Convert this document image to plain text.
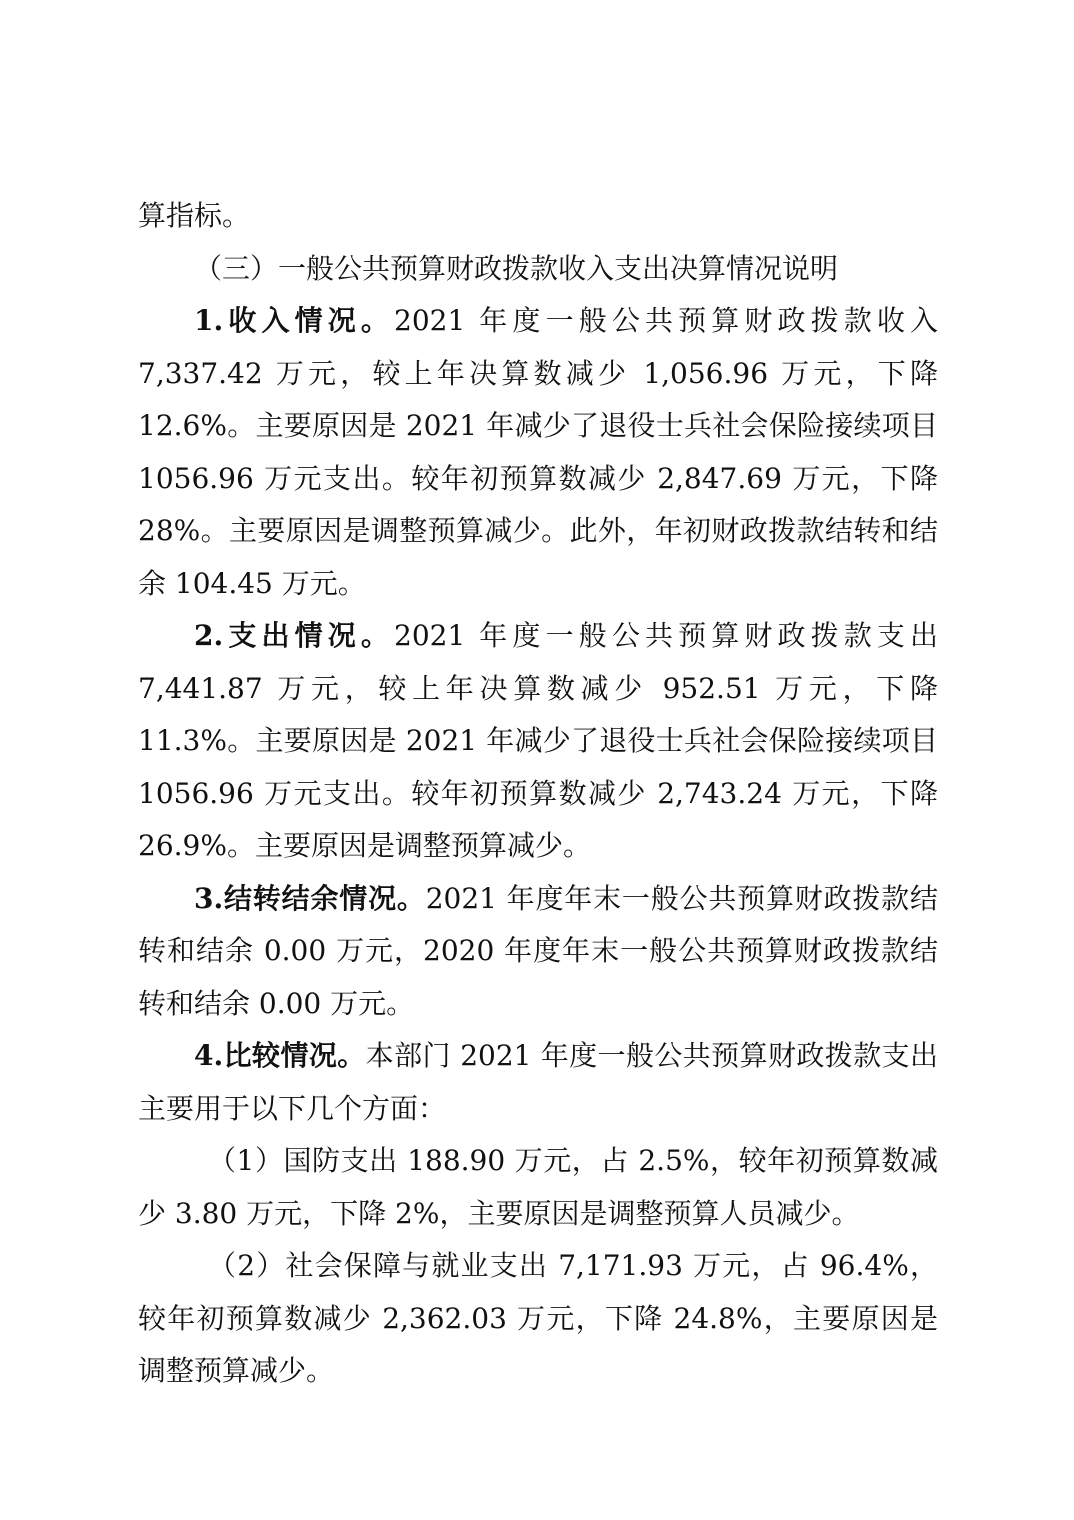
算指标。

（三）一般公共预算财政拨款收入支出决算情况说明

1.收入情况。2021 年度一般公共预算财政拨款收入 7,337.42 万元，较上年决算数减少 1,056.96 万元，下降 12.6%。主要原因是 2021 年减少了退役士兵社会保险接续项目 1056.96 万元支出。较年初预算数减少 2,847.69 万元，下降 28%。主要原因是调整预算减少。此外，年初财政拨款结转和结余 104.45 万元。

2.支出情况。2021 年度一般公共预算财政拨款支出 7,441.87 万元，较上年决算数减少 952.51 万元，下降 11.3%。主要原因是 2021 年减少了退役士兵社会保险接续项目 1056.96 万元支出。较年初预算数减少 2,743.24 万元，下降 26.9%。主要原因是调整预算减少。

3.结转结余情况。2021 年度年末一般公共预算财政拨款结转和结余 0.00 万元，2020 年度年末一般公共预算财政拨款结转和结余 0.00 万元。

4.比较情况。本部门 2021 年度一般公共预算财政拨款支出主要用于以下几个方面：

（1）国防支出 188.90 万元，占 2.5%，较年初预算数减少 3.80 万元，下降 2%，主要原因是调整预算人员减少。

（2）社会保障与就业支出 7,171.93 万元，占 96.4%，较年初预算数减少 2,362.03 万元，下降 24.8%，主要原因是调整预算减少。
